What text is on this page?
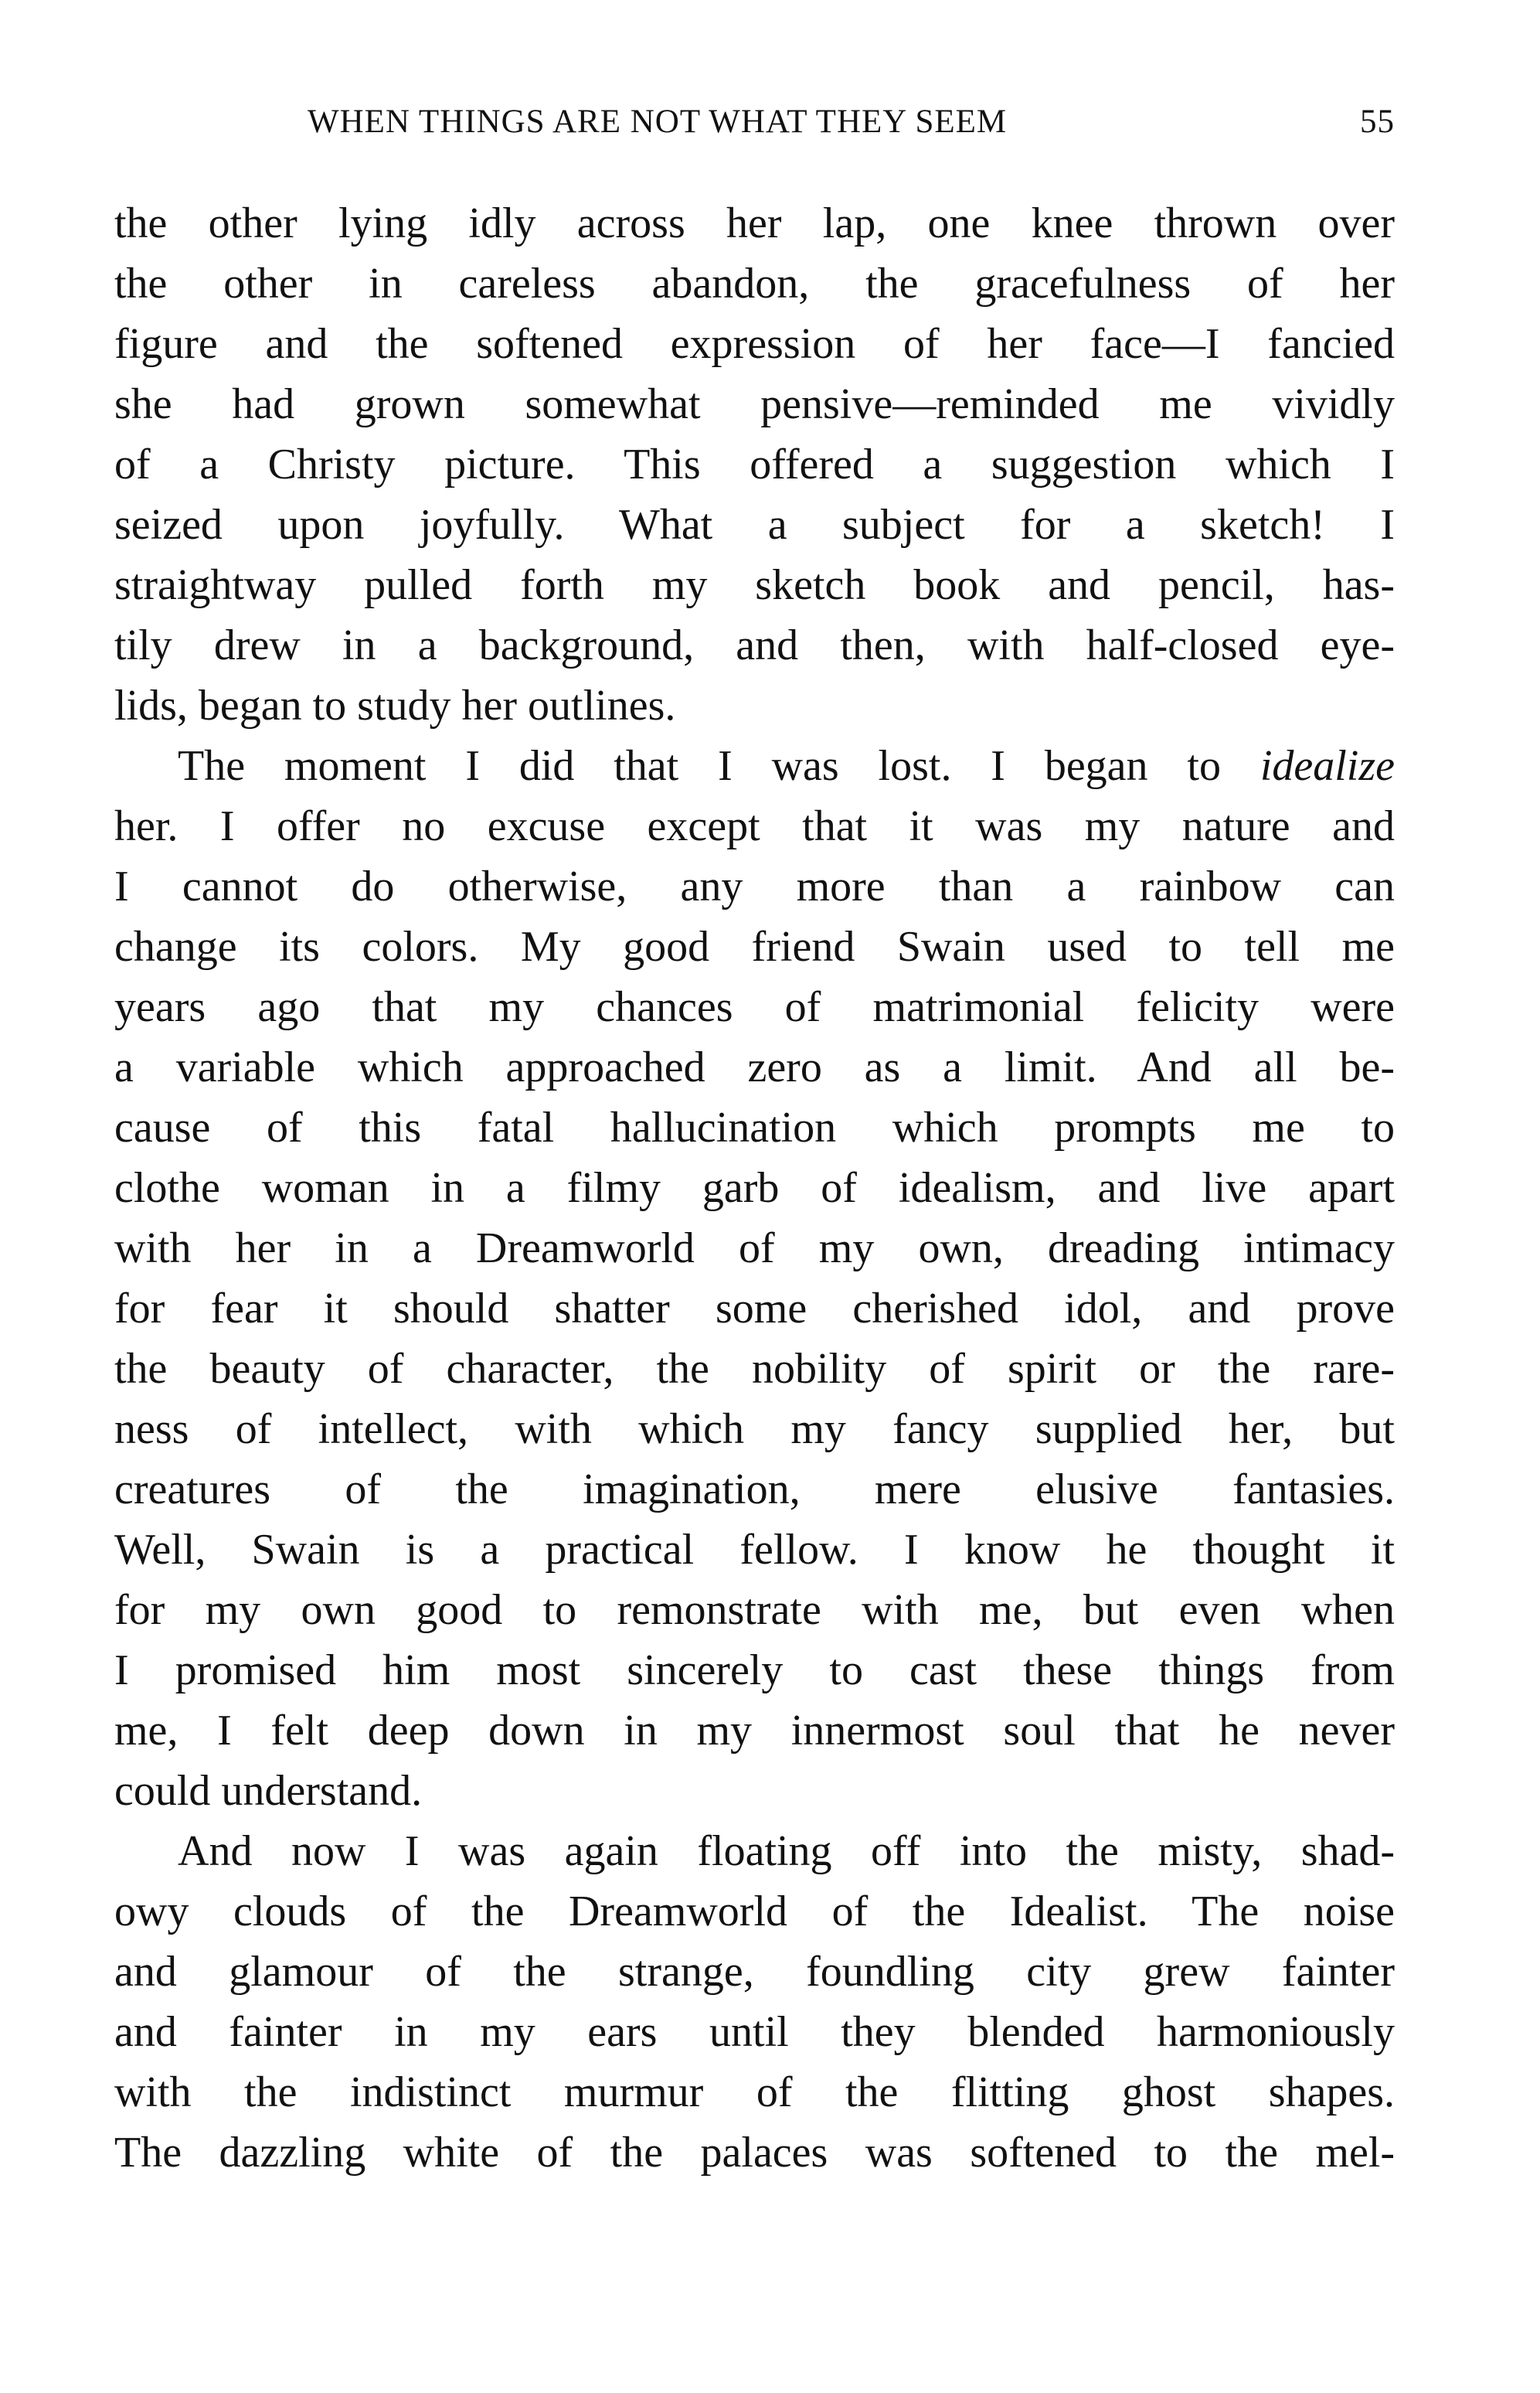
WHEN THINGS ARE NOT WHAT THEY SEEM	55
the other lying idly across her lap, one knee thrown over
the other in careless abandon, the gracefulness of her
figure and the softened expression of her face—I fancied
she had grown somewhat pensive—reminded me vividly
of a Christy picture. This offered a suggestion which I
seized upon joyfully. What a subject for a sketch! I
straightway pulled forth my sketch book and pencil, has-
tily drew in a background, and then, with half-closed eye-
lids, began to study her outlines.
The moment I did that I was lost. I began to idealize
her. I offer no excuse except that it was my nature and
I cannot do otherwise, any more than a rainbow can
change its colors. My good friend Swain used to tell me
years ago that my chances of matrimonial felicity were
a variable which approached zero as a limit. And all be-
cause of this fatal hallucination which prompts me to
clothe woman in a filmy garb of idealism, and live apart
with her in a Dreamworld of my own, dreading intimacy
for fear it should shatter some cherished idol, and prove
the beauty of character, the nobility of spirit or the rare-
ness of intellect, with which my fancy supplied her, but
creatures of the imagination, mere elusive fantasies.
Well, Swain is a practical fellow. I know he thought it
for my own good to remonstrate with me, but even when
I promised him most sincerely to cast these things from
me, I felt deep down in my innermost soul that he never
could understand.
And now I was again floating off into the misty, shad-
owy clouds of the Dreamworld of the Idealist. The noise
and glamour of the strange, foundling city grew fainter
and fainter in my ears until they blended harmoniously
with the indistinct murmur of the flitting ghost shapes.
The dazzling white of the palaces was softened to the mel-
